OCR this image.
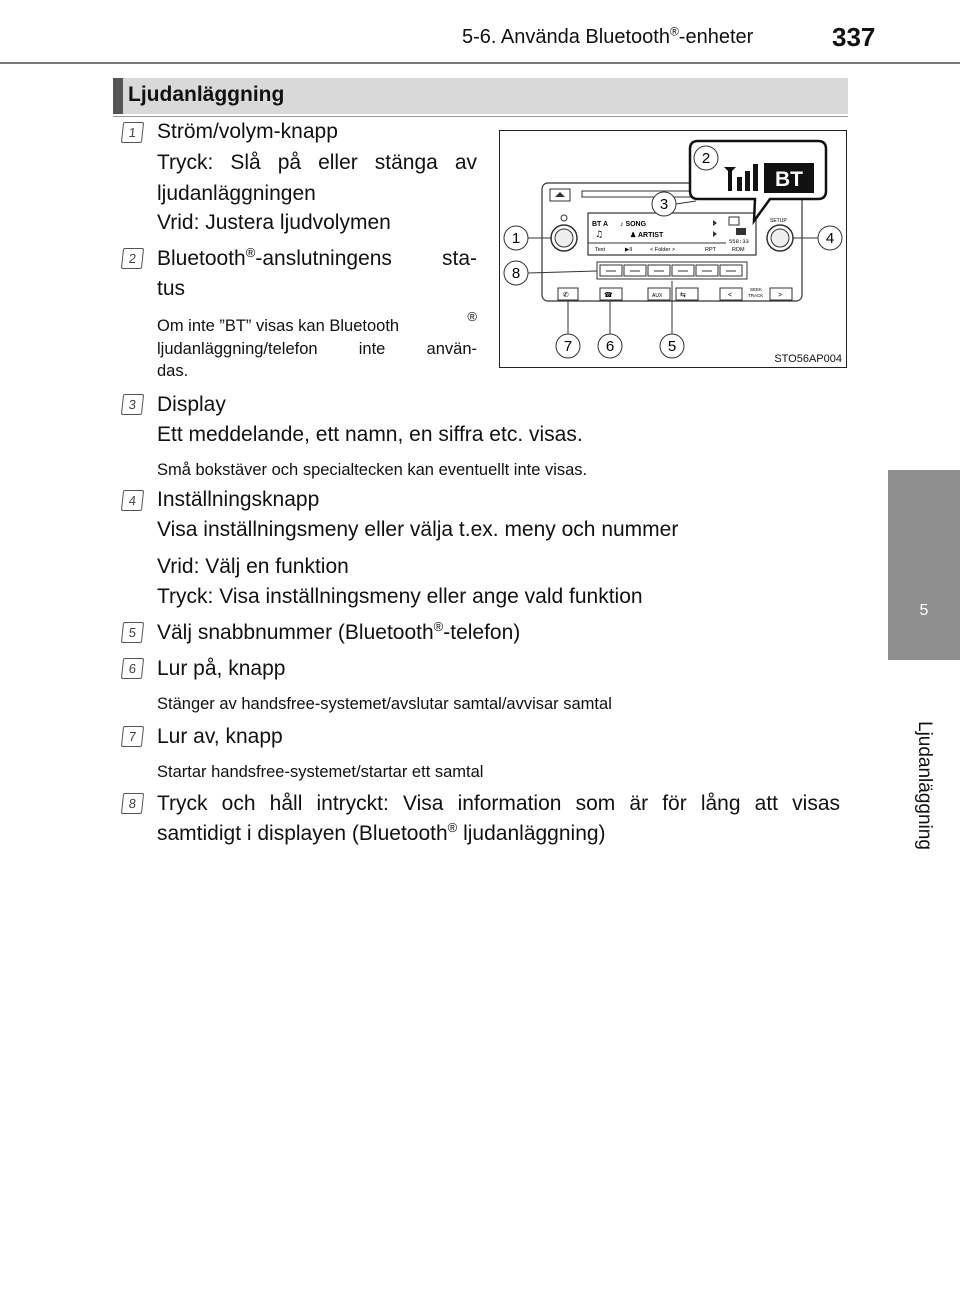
5-6. Använda Bluetooth®-enheter	337
5
Ljudanläggning
Ljudanläggning
SETUP
BT A ♪ SONG
♫	♟ ARTIST
558:33
Text	▶II	< Folder >	RPT	RDM
✆	☎	AUX	⇆	<
SEEK
TRACK >
BT
1
2
3
4
5
6
7
8
STO56AP004
1 Ström/volym-knapp
Tryck: Slå på eller stänga av
ljudanläggningen
Vrid: Justera ljudvolymen
2 Bluetooth®-anslutningens sta-
tus
Om inte ”BT” visas kan Bluetooth
®
ljudanläggning/telefon inte använ-
das.
3 Display
Ett meddelande, ett namn, en siffra etc. visas.
Små bokstäver och specialtecken kan eventuellt inte visas.
4 Inställningsknapp
Visa inställningsmeny eller välja t.ex. meny och nummer
Vrid: Välj en funktion
Tryck: Visa inställningsmeny eller ange vald funktion
5 Välj snabbnummer (Bluetooth®-telefon)
6 Lur på, knapp
Stänger av handsfree-systemet/avslutar samtal/avvisar samtal
7 Lur av, knapp
Startar handsfree-systemet/startar ett samtal
8 Tryck och håll intryckt: Visa information som är för lång att visas
samtidigt i displayen (Bluetooth® ljudanläggning)
